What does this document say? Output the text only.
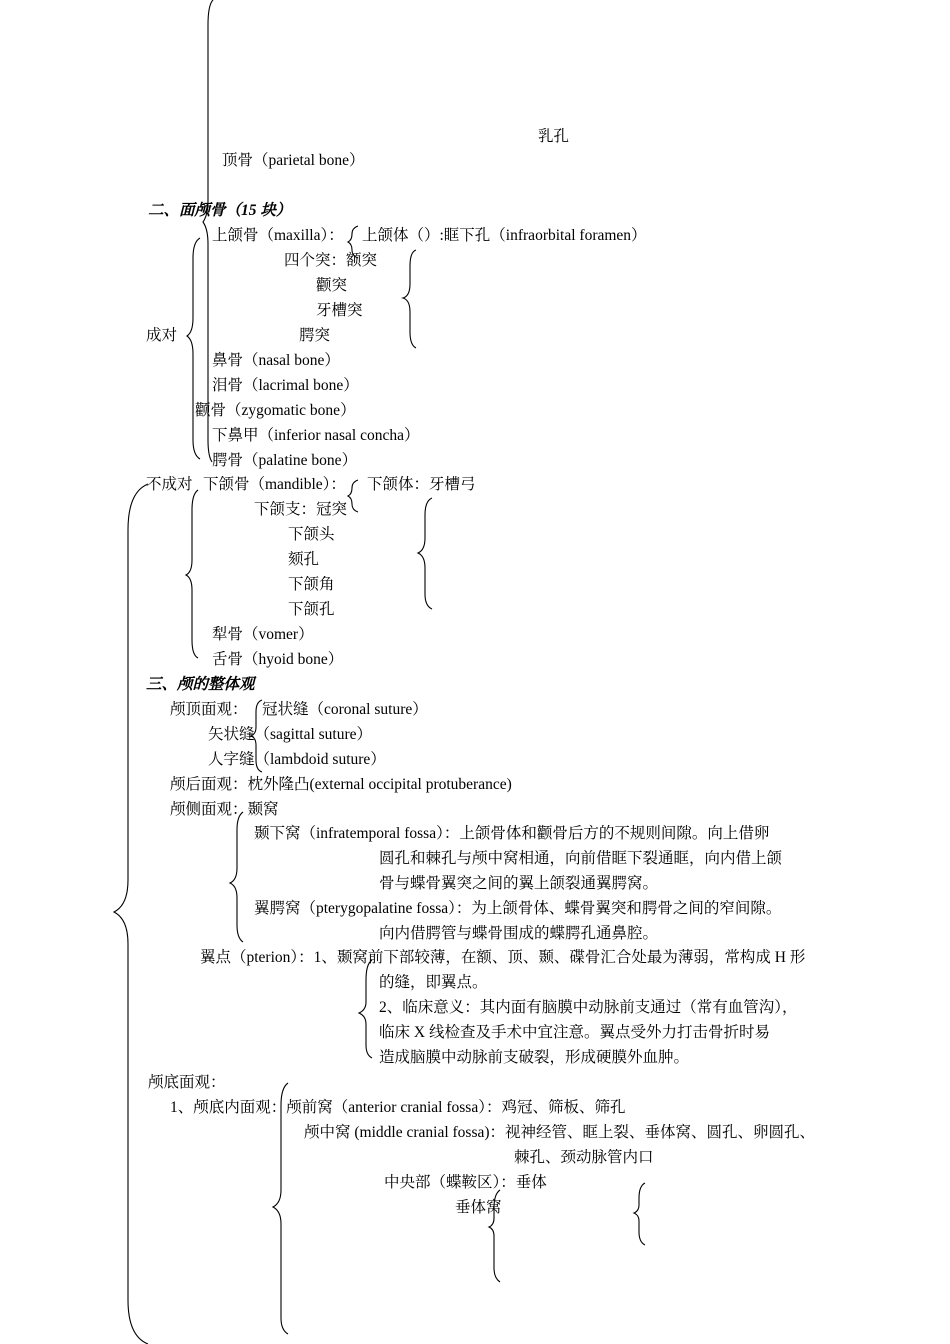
乳孔
顶骨（parietal bone）
二、面颅骨（15 块）
上颌骨（maxilla）： 上颌体（）:眶下孔（infraorbital foramen）
四个突：额突
颧突
牙槽突
成对	腭突
鼻骨（nasal bone）
泪骨（lacrimal bone）
颧骨（zygomatic bone）
下鼻甲（inferior nasal concha）
腭骨（palatine bone）
不成对 下颌骨（mandible）： 下颌体：牙槽弓
下颌支：冠突
下颌头
颏孔
下颌角
下颌孔
犁骨（vomer）
舌骨（hyoid bone）
三、颅的整体观
颅顶面观： 冠状缝（coronal suture）
矢状缝（sagittal suture）
人字缝（lambdoid suture）
颅后面观：枕外隆凸(external occipital protuberance)
颅侧面观：颞窝
颞下窝（infratemporal fossa）：上颌骨体和颧骨后方的不规则间隙。向上借卵
圆孔和棘孔与颅中窝相通，向前借眶下裂通眶，向内借上颌
骨与蝶骨翼突之间的翼上颌裂通翼腭窝。
翼腭窝（pterygopalatine fossa）：为上颌骨体、蝶骨翼突和腭骨之间的窄间隙。
向内借腭管与蝶骨围成的蝶腭孔通鼻腔。
翼点（pterion）：1、颞窝前下部较薄，在额、顶、颞、碟骨汇合处最为薄弱，常构成 H 形
的缝，即翼点。
2、临床意义：其内面有脑膜中动脉前支通过（常有血管沟），
临床 X 线检查及手术中宜注意。翼点受外力打击骨折时易
造成脑膜中动脉前支破裂，形成硬膜外血肿。
颅底面观：
1、颅底内面观：颅前窝（anterior cranial fossa）：鸡冠、筛板、筛孔
颅中窝 (middle cranial fossa)：视神经管、眶上裂、垂体窝、圆孔、卵圆孔、
棘孔、颈动脉管内口
中央部（蝶鞍区）：垂体
垂体窝
